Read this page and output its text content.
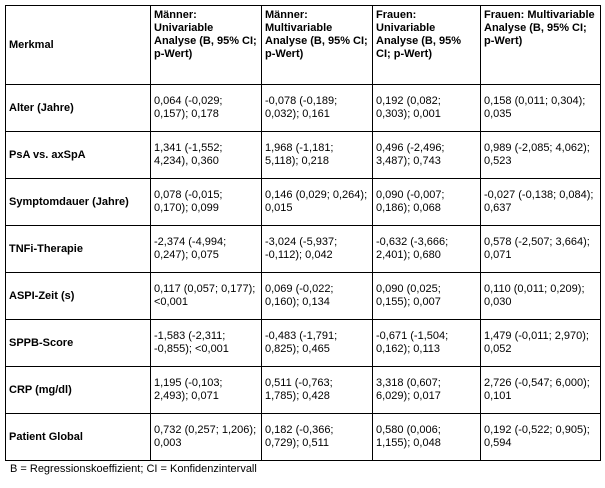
Merkmal	Männer: Univariable Analyse (B, 95% CI; p-Wert)	Männer: Multivariable Analyse (B, 95% CI; p-Wert)	Frauen: Univariable Analyse (B, 95% CI; p-Wert)	Frauen: Multivariable Analyse (B, 95% CI; p-Wert)
Alter (Jahre)	0,064 (-0,029; 0,157); 0,178	-0,078 (-0,189; 0,032); 0,161	0,192 (0,082; 0,303); 0,001	0,158 (0,011; 0,304); 0,035
PsA vs. axSpA	1,341 (-1,552; 4,234), 0,360	1,968 (-1,181; 5,118); 0,218	0,496 (-2,496; 3,487); 0,743	0,989 (-2,085; 4,062); 0,523
Symptomdauer (Jahre)	0,078 (-0,015; 0,170); 0,099	0,146 (0,029; 0,264); 0,015	0,090 (-0,007; 0,186); 0,068	-0,027 (-0,138; 0,084); 0,637
TNFi-Therapie	-2,374 (-4,994; 0,247); 0,075	-3,024 (-5,937; -0,112); 0,042	-0,632 (-3,666; 2,401); 0,680	0,578 (-2,507; 3,664); 0,071
ASPI-Zeit (s)	0,117 (0,057; 0,177); <0,001	0,069 (-0,022; 0,160); 0,134	0,090 (0,025; 0,155); 0,007	0,110 (0,011; 0,209); 0,030
SPPB-Score	-1,583 (-2,311; -0,855); <0,001	-0,483 (-1,791; 0,825); 0,465	-0,671 (-1,504; 0,162); 0,113	1,479 (-0,011; 2,970); 0,052
CRP (mg/dl)	1,195 (-0,103; 2,493); 0,071	0,511 (-0,763; 1,785); 0,428	3,318 (0,607; 6,029); 0,017	2,726 (-0,547; 6,000); 0,101
Patient Global	0,732 (0,257; 1,206); 0,003	0,182 (-0,366; 0,729); 0,511	0,580 (0,006; 1,155); 0,048	0,192 (-0,522; 0,905); 0,594
B = Regressionskoeffizient; CI = Konfidenzintervall
